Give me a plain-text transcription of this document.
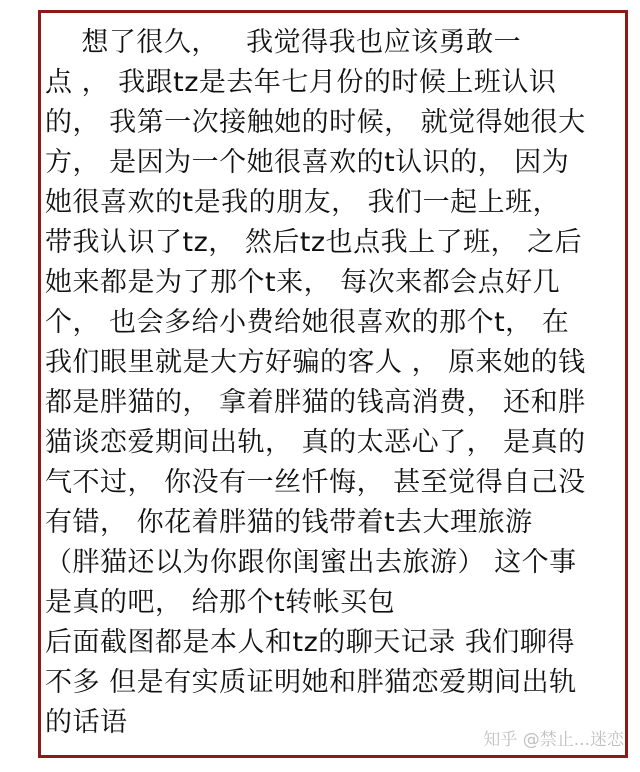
想了很久，   我觉得我也应该勇敢一
点 ， 我跟tz是去年七月份的时候上班认识
的， 我第一次接触她的时候， 就觉得她很大
方， 是因为一个她很喜欢的t认识的， 因为
她很喜欢的t是我的朋友， 我们一起上班，
带我认识了tz， 然后tz也点我上了班， 之后
她来都是为了那个t来， 每次来都会点好几
个， 也会多给小费给她很喜欢的那个t， 在
我们眼里就是大方好骗的客人 ， 原来她的钱
都是胖猫的， 拿着胖猫的钱高消费， 还和胖
猫谈恋爱期间出轨， 真的太恶心了， 是真的
气不过， 你没有一丝忏悔， 甚至觉得自己没
有错， 你花着胖猫的钱带着t去大理旅游
（胖猫还以为你跟你闺蜜出去旅游） 这个事
是真的吧， 给那个t转帐买包
后面截图都是本人和tz的聊天记录 我们聊得
不多 但是有实质证明她和胖猫恋爱期间出轨
的话语
知乎 @禁止...迷恋
